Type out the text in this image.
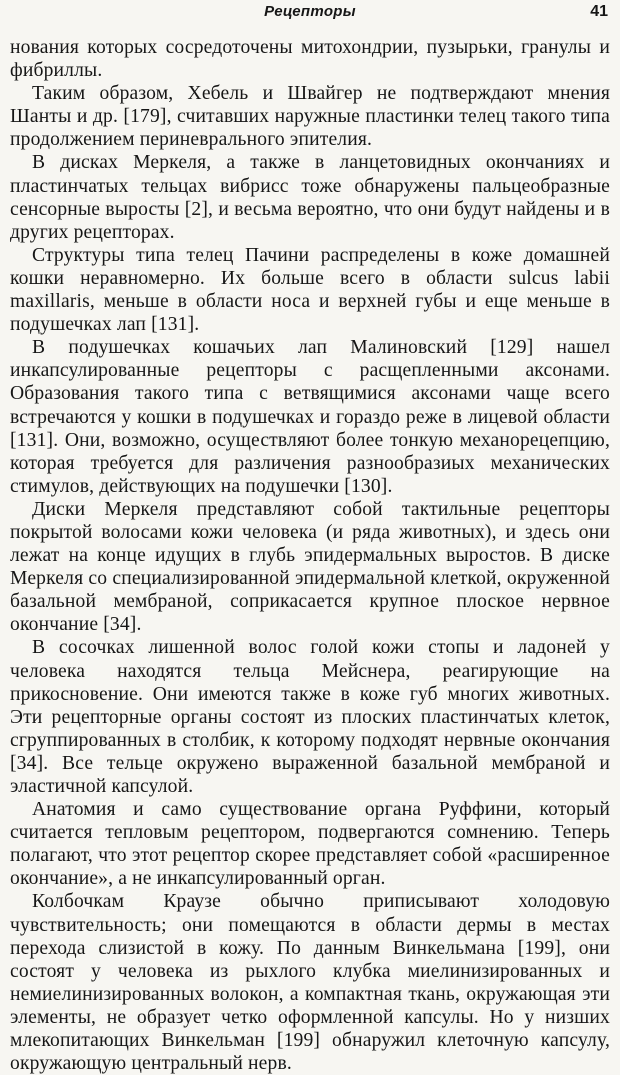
Рецепторы	41

нования которых сосредоточены митохондрии, пузырьки, гранулы и фибриллы.

Таким образом, Хебель и Швайгер не подтверждают мнения Шанты и др. [179], считавших наружные пластинки телец такого типа продолжением периневрального эпителия.

В дисках Меркеля, а также в ланцетовидных окончаниях и пластинчатых тельцах вибрисс тоже обнаружены пальцеобразные сенсорные выросты [2], и весьма вероятно, что они будут найдены и в других рецепторах.

Структуры типа телец Пачини распределены в коже домашней кошки неравномерно. Их больше всего в области sulcus labii maxillaris, меньше в области носа и верхней губы и еще меньше в подушечках лап [131].

В подушечках кошачьих лап Малиновский [129] нашел инкапсулированные рецепторы с расщепленными аксонами. Образования такого типа с ветвящимися аксонами чаще всего встречаются у кошки в подушечках и гораздо реже в лицевой области [131]. Они, возможно, осуществляют более тонкую механорецепцию, которая требуется для различения разнообразиых механических стимулов, действующих на подушечки [130].

Диски Меркеля представляют собой тактильные рецепторы покрытой волосами кожи человека (и ряда животных), и здесь они лежат на конце идущих в глубь эпидермальных выростов. В диске Меркеля со специализированной эпидермальной клеткой, окруженной базальной мембраной, соприкасается крупное плоское нервное окончание [34].

В сосочках лишенной волос голой кожи стопы и ладоней у человека находятся тельца Мейснера, реагирующие на прикосновение. Они имеются также в коже губ многих животных. Эти рецепторные органы состоят из плоских пластинчатых клеток, сгруппированных в столбик, к которому подходят нервные окончания [34]. Все тельце окружено выраженной базальной мембраной и эластичной капсулой.

Анатомия и само существование органа Руффини, который считается тепловым рецептором, подвергаются сомнению. Теперь полагают, что этот рецептор скорее представляет собой «расширенное окончание», а не инкапсулированный орган.

Колбочкам Краузе обычно приписывают холодовую чувствительность; они помещаются в области дермы в местах перехода слизистой в кожу. По данным Винкельмана [199], они состоят у человека из рыхлого клубка миелинизированных и немиелинизированных волокон, а компактная ткань, окружающая эти элементы, не образует четко оформленной капсулы. Но у низших млекопитающих Винкельман [199] обнаружил клеточную капсулу, окружающую центральный нерв.
